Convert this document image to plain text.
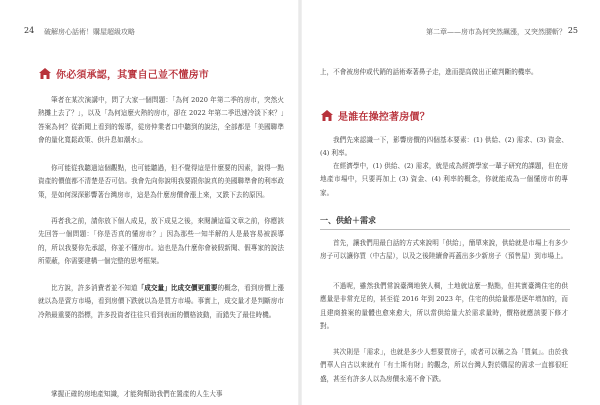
24 破解房心話術！購屋超級攻略
你必須承認，其實自己並不懂房市

筆者在某次演講中，問了大家一個問題：「為何 2020 年第二季的房市，突然火熱攤上去了？」，以及「為何這麼火熱的房市，卻在 2022 年第二季迅速冷淡下來？」答案為何？從新聞上看到的報導，從房仲業者口中聽到的說法，全部都是「美國聯準會的量化寬鬆政策、供升息如潮水」。

你可能從我聽過這個觀點，也可能聽過，但不覺得這是什麼要的因素，說得一點資產的價值都不清楚是否可信。我會先向你說明我要跟你說真的美國聯準會的利率政策，是如何深深影響著台灣房市，這是為什麼房價會漲上來，又跌下去的原因。

再者我之前，請你放下個人成見，放下成見之後，來閱讀這篇文章之前，你應該先回答一個問題：「你是否真的懂房市？」因為那些一知半解的人是最容易被誤導的，所以我要你先承認，你並不懂房市。這也是為什麼你會被假新聞、假專家的說法所蒙蔽，你需要建構一個完整的思考框架。

比方說，許多消費者並不知道「成交量」比成交價更重要的概念，看到房價上漲就以為是賣方市場，看到房價下跌就以為是買方市場。事實上，成交量才是判斷房市冷熱最重要的指標，許多投資者往往只看到表面的價格波動，而錯失了最佳時機。

掌握正確的房地產知識，才能夠幫助我們在置產的人生大事

第二章——房市為何突然飆漲，又突然腰斬？ 25

上，不會被房仲或代銷的話術牽著鼻子走，進而提高做出正確判斷的機率。

是誰在操控著房價？

我們先來認識一下，影響房價的四個基本要素：(1) 供給、(2) 需求、(3) 資金、(4) 利率。

在經濟學中，(1) 供給、(2) 需求，就是成為經濟學家一輩子研究的課題，但在房地產市場中，只要再加上 (3) 資金、(4) 利率的概念，你就能成為一個懂房市的專家。

一、供給＋需求

首先，讓我們用最白話的方式來說明「供給」，簡單來說，供給就是市場上有多少房子可以讓你買（中古屋），以及之後陸續會再蓋出多少新房子（預售屋）到市場上。

不過呢，雖然我們常說臺灣地狹人稠，土地就這麼一點點，但其實臺灣住宅的供應量是非常充足的，甚至從 2016 年到 2023 年，住宅的供給量都是逐年增加的，而且建商推案的量體也愈來愈大，所以當供給量大於需求量時，價格就應該要下修才對。

其次則是「需求」，也就是多少人想要買房子，或者可以稱之為「買氣」。由於我們華人自古以來就有「有土斯有財」的觀念，所以台灣人對於購屋的需求一直都很旺盛，甚至有許多人以為房價永遠不會下跌。
